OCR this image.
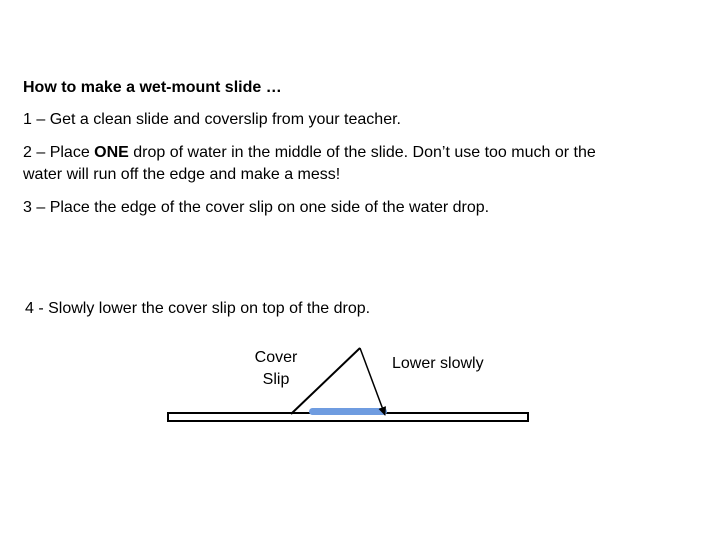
How to make a wet-mount slide …
1 – Get a clean slide and coverslip from your teacher.
2 – Place ONE drop of water in the middle of the slide. Don’t use too much or the
water will run off the edge and make a mess!
3 – Place the edge of the cover slip on one side of the water drop.
4 - Slowly lower the cover slip on top of the drop.
Cover
Slip
Lower slowly
